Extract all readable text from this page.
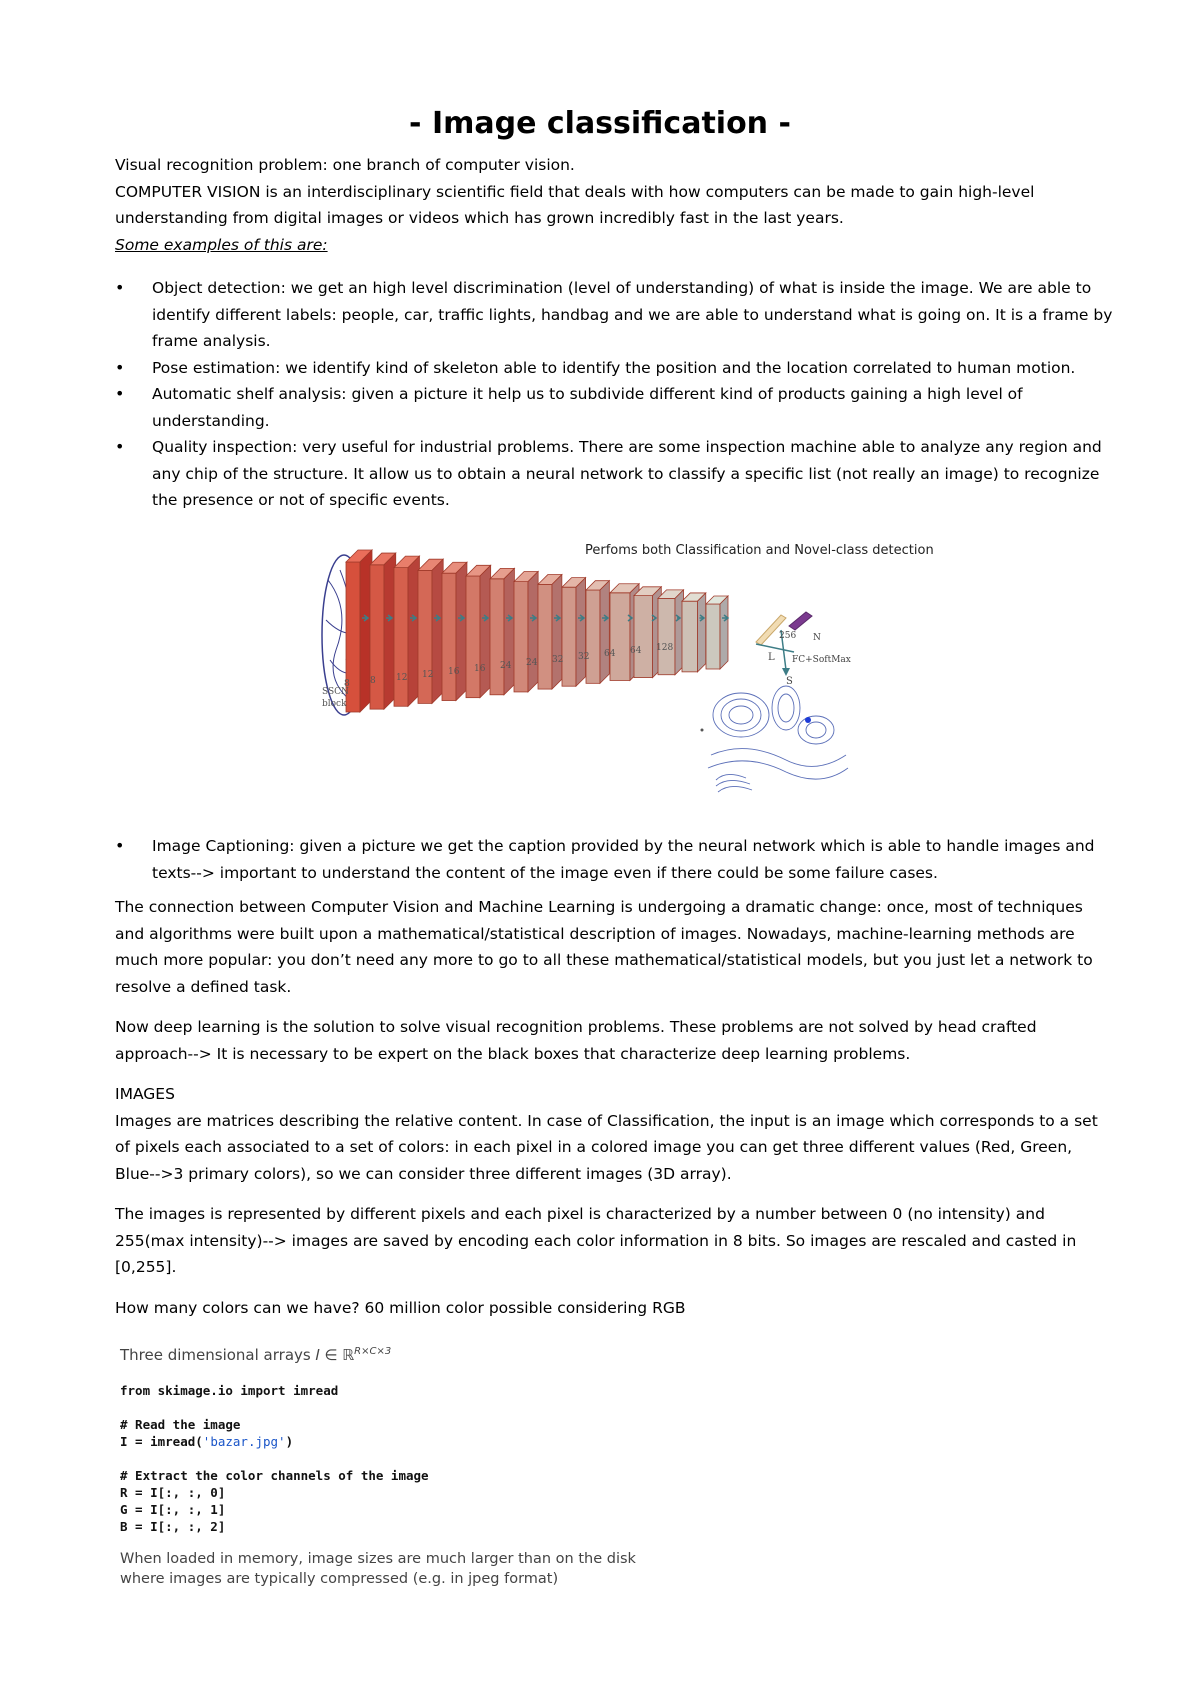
- Image classification -

Visual recognition problem: one branch of computer vision.

COMPUTER VISION is an interdisciplinary scientific field that deals with how computers can be made to gain high-level understanding from digital images or videos which has grown incredibly fast in the last years.

Some examples of this are:

• Object detection: we get an high level discrimination (level of understanding) of what is inside the image. We are able to identify different labels: people, car, traffic lights, handbag and we are able to understand what is going on. It is a frame by frame analysis.
• Pose estimation: we identify kind of skeleton able to identify the position and the location correlated to human motion.
• Automatic shelf analysis: given a picture it help us to subdivide different kind of products gaining a high level of understanding.
• Quality inspection: very useful for industrial problems. There are some inspection machine able to analyze any region and any chip of the structure. It allow us to obtain a neural network to classify a specific list (not really an image) to recognize the presence or not of specific events.
Perfoms both Classification and Novel-class detection
256 N
L FC+SoftMax
S
8 8 12 12 16 16 24 24 32 32 64 64 128
SSCN
block
• Image Captioning: given a picture we get the caption provided by the neural network which is able to handle images and texts--> important to understand the content of the image even if there could be some failure cases.

The connection between Computer Vision and Machine Learning is undergoing a dramatic change: once, most of techniques and algorithms were built upon a mathematical/statistical description of images. Nowadays, machine-learning methods are much more popular: you don’t need any more to go to all these mathematical/statistical models, but you just let a network to resolve a defined task.

Now deep learning is the solution to solve visual recognition problems. These problems are not solved by head crafted approach--> It is necessary to be expert on the black boxes that characterize deep learning problems.

IMAGES

Images are matrices describing the relative content. In case of Classification, the input is an image which corresponds to a set of pixels each associated to a set of colors: in each pixel in a colored image you can get three different values (Red, Green, Blue-->3 primary colors), so we can consider three different images (3D array).

The images is represented by different pixels and each pixel is characterized by a number between 0 (no intensity) and 255(max intensity)--> images are saved by encoding each color information in 8 bits. So images are rescaled and casted in [0,255].

How many colors can we have? 60 million color possible considering RGB

Three dimensional arrays 𝐼 ∈ ℝ$^{R\times C\times 3}$

from skimage.io import imread

# Read the image
I = imread('bazar.jpg')

# Extract the color channels of the image
R = I[:, :, 0]
G = I[:, :, 1]
B = I[:, :, 2]

When loaded in memory, image sizes are much larger than on the disk

where images are typically compressed (e.g. in jpeg format)
